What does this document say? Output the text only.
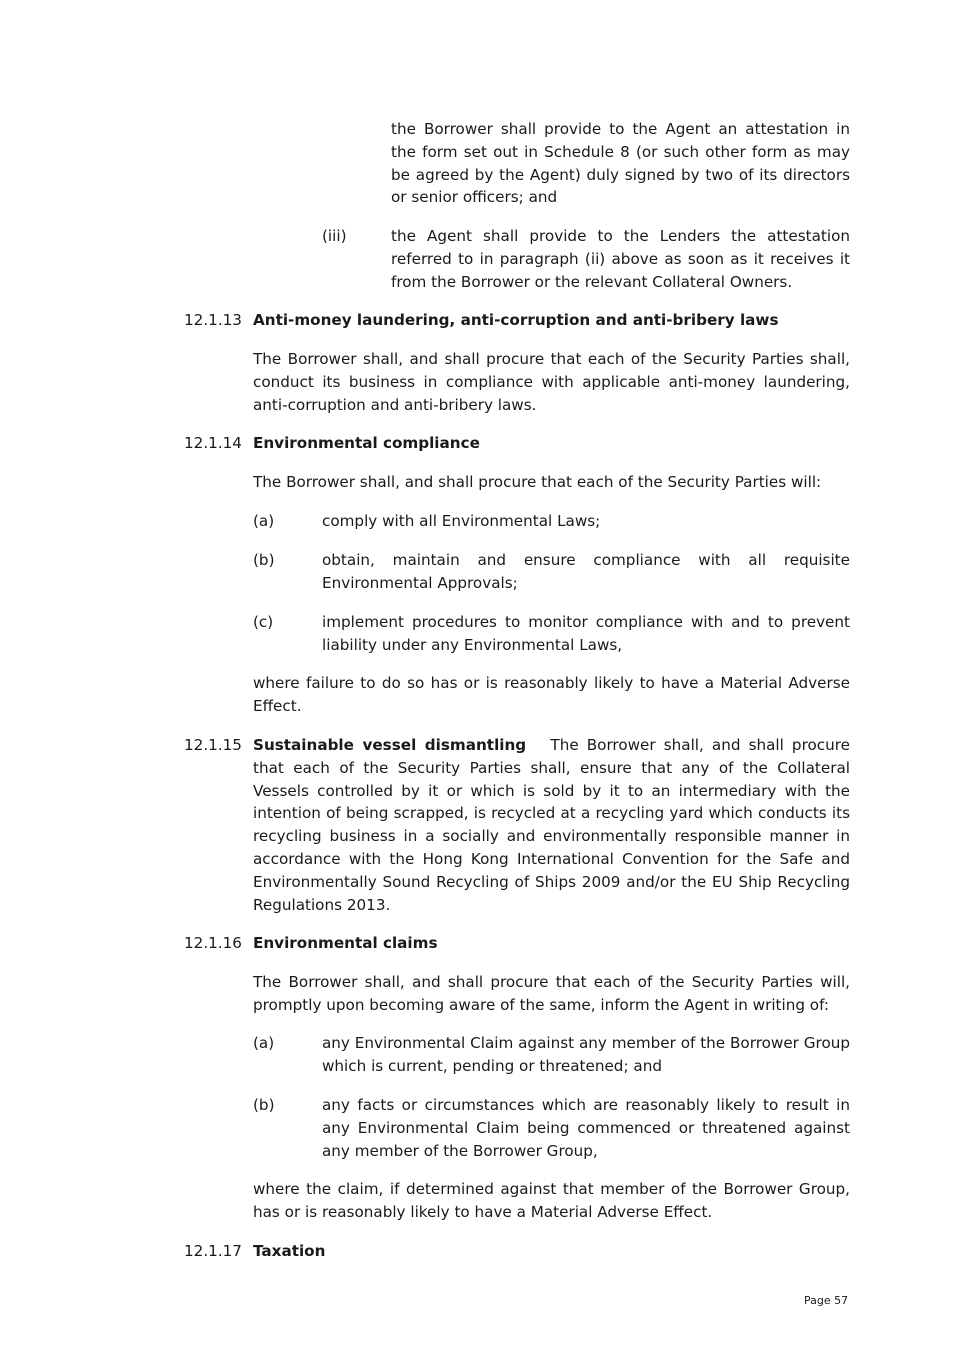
the Borrower shall provide to the Agent an attestation in the form set out in Schedule 8 (or such other form as may be agreed by the Agent) duly signed by two of its directors or senior officers; and
(iii)	the Agent shall provide to the Lenders the attestation referred to in paragraph (ii) above as soon as it receives it from the Borrower or the relevant Collateral Owners.
12.1.13 Anti-money laundering, anti-corruption and anti-bribery laws
The Borrower shall, and shall procure that each of the Security Parties shall, conduct its business in compliance with applicable anti-money laundering, anti-corruption and anti-bribery laws.
12.1.14 Environmental compliance
The Borrower shall, and shall procure that each of the Security Parties will:
(a)	comply with all Environmental Laws;
(b)	obtain, maintain and ensure compliance with all requisite Environmental Approvals;
(c)	implement procedures to monitor compliance with and to prevent liability under any Environmental Laws,
where failure to do so has or is reasonably likely to have a Material Adverse Effect.
12.1.15 Sustainable vessel dismantling The Borrower shall, and shall procure that each of the Security Parties shall, ensure that any of the Collateral Vessels controlled by it or which is sold by it to an intermediary with the intention of being scrapped, is recycled at a recycling yard which conducts its recycling business in a socially and environmentally responsible manner in accordance with the Hong Kong International Convention for the Safe and Environmentally Sound Recycling of Ships 2009 and/or the EU Ship Recycling Regulations 2013.
12.1.16 Environmental claims
The Borrower shall, and shall procure that each of the Security Parties will, promptly upon becoming aware of the same, inform the Agent in writing of:
(a)	any Environmental Claim against any member of the Borrower Group which is current, pending or threatened; and
(b)	any facts or circumstances which are reasonably likely to result in any Environmental Claim being commenced or threatened against any member of the Borrower Group,
where the claim, if determined against that member of the Borrower Group, has or is reasonably likely to have a Material Adverse Effect.
12.1.17 Taxation
Page 57
